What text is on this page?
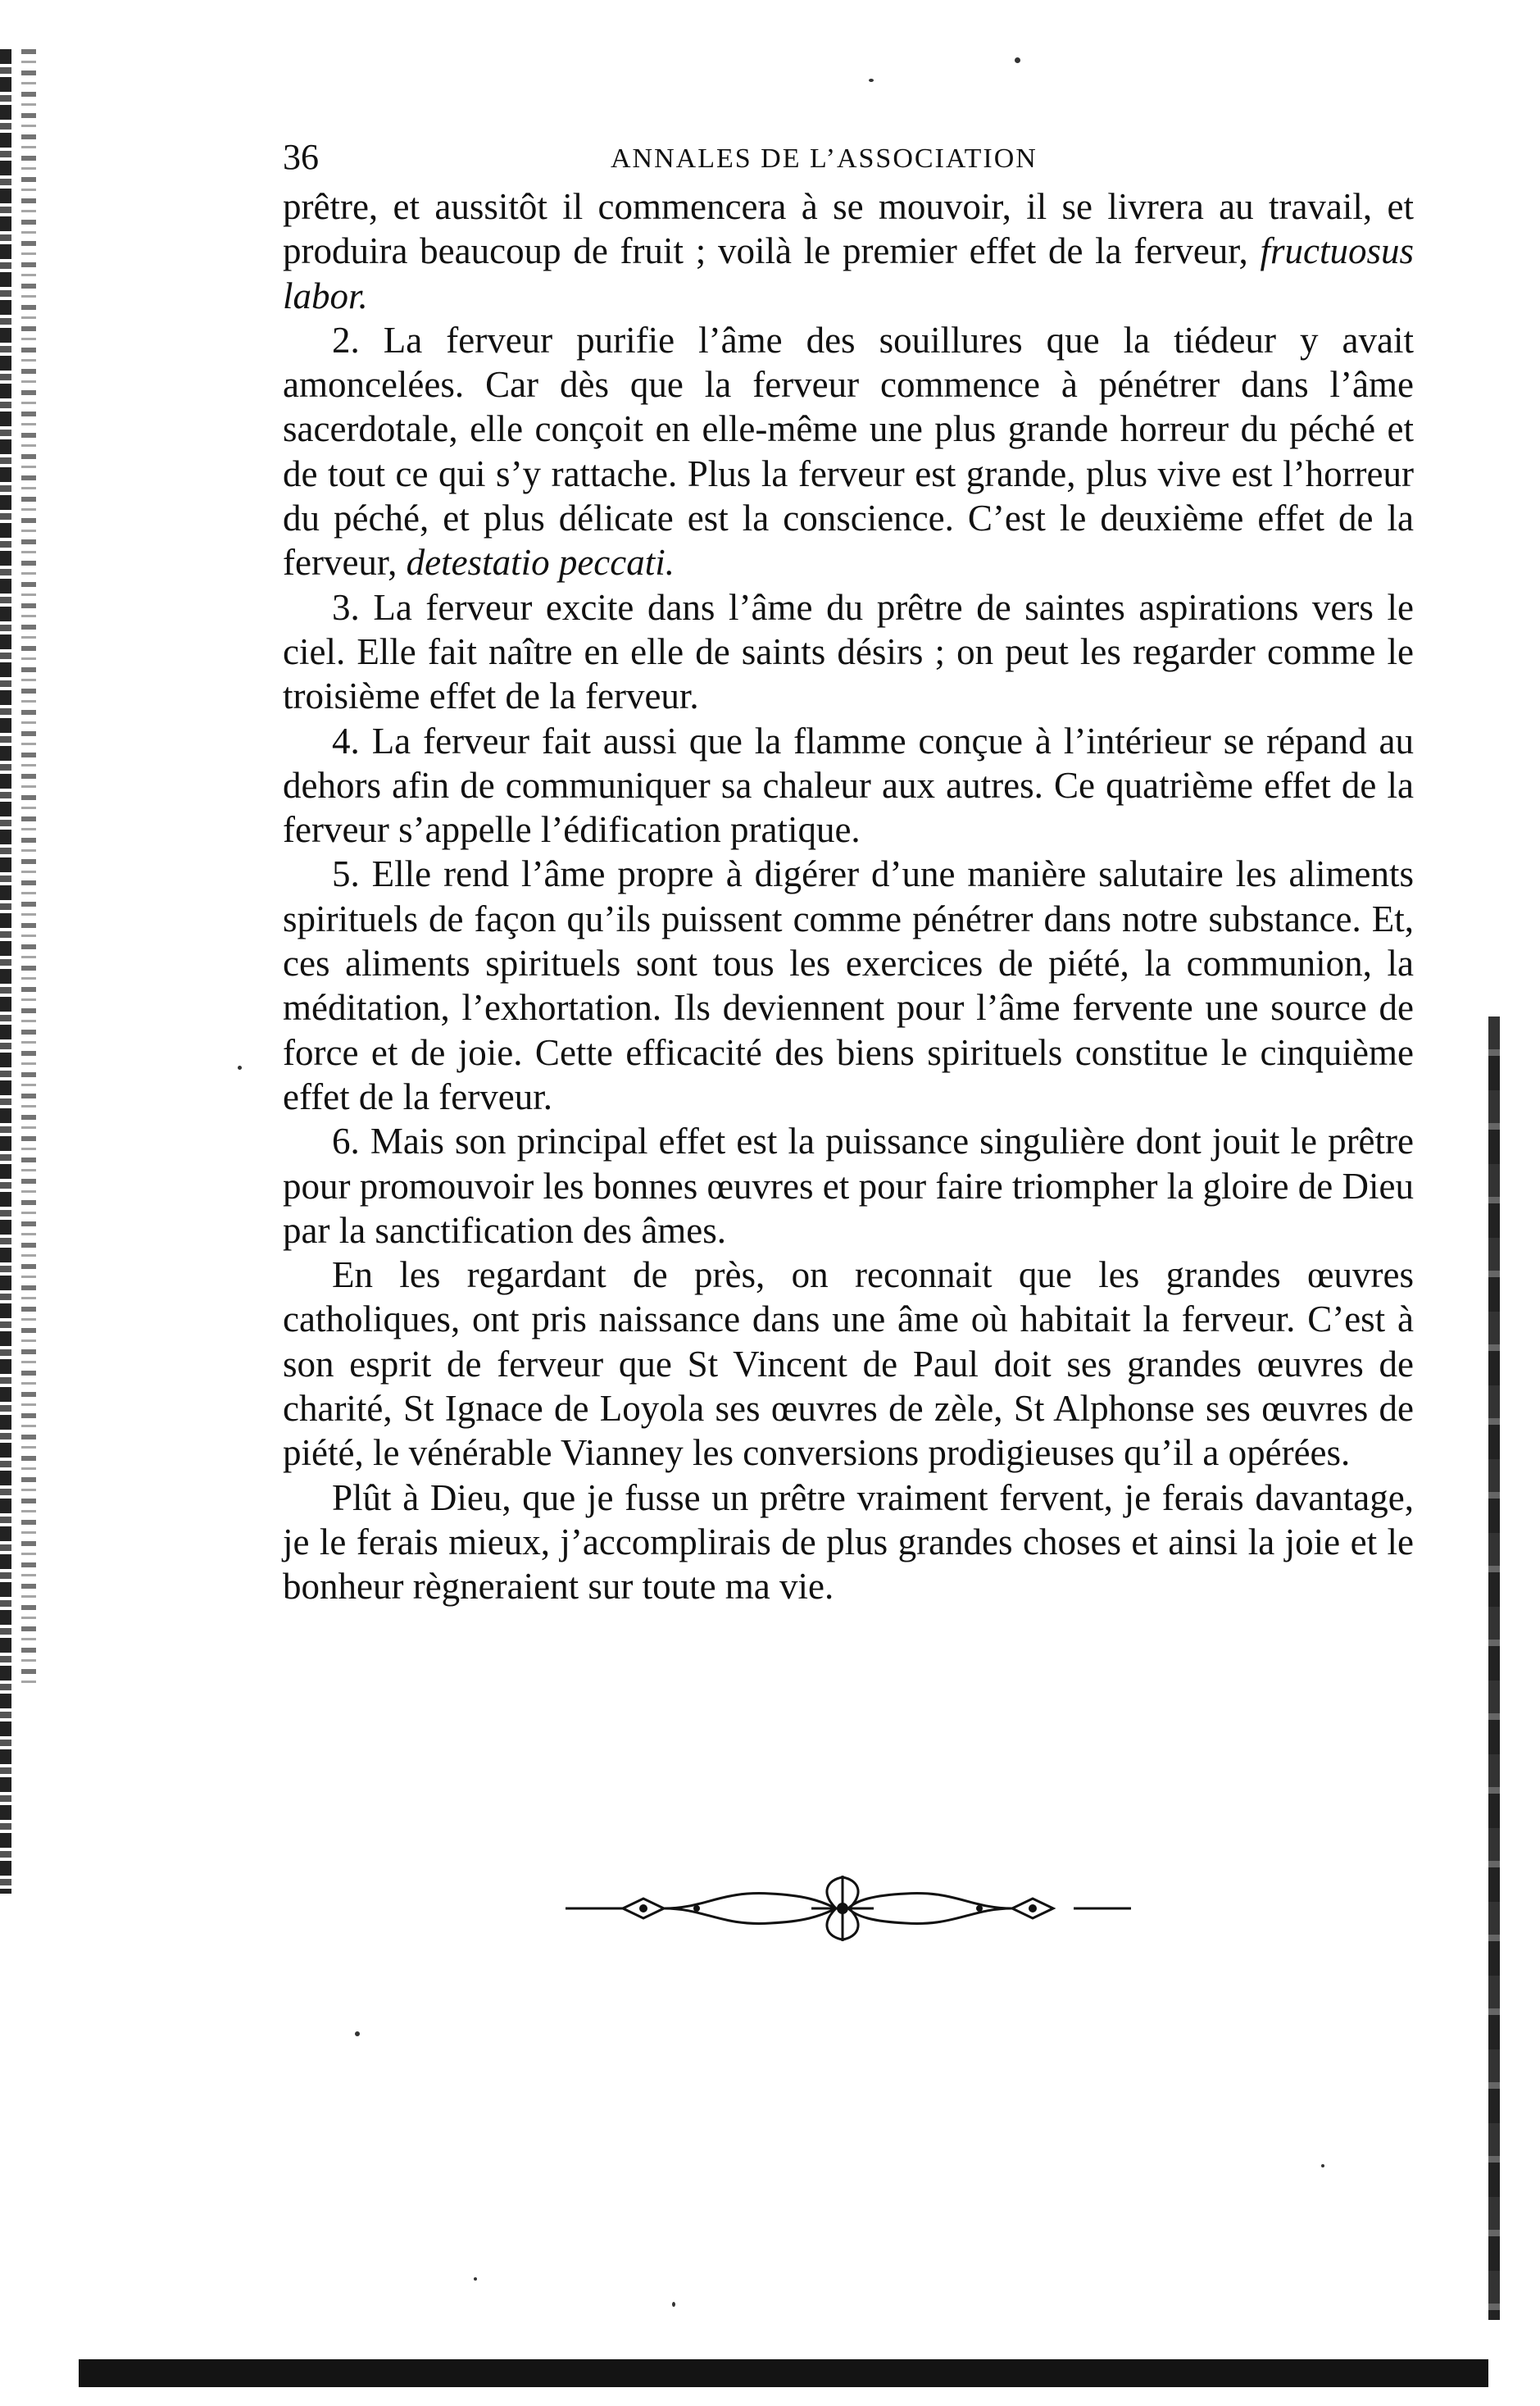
36	ANNALES DE L’ASSOCIATION

prêtre, et aussitôt il commencera à se mouvoir, il se livrera au travail, et produira beaucoup de fruit ; voilà le premier effet de la ferveur, fructuosus labor.

2. La ferveur purifie l’âme des souillures que la tiédeur y avait amoncelées. Car dès que la ferveur commence à pénétrer dans l’âme sacerdotale, elle conçoit en elle-même une plus grande horreur du péché et de tout ce qui s’y rattache. Plus la ferveur est grande, plus vive est l’horreur du péché, et plus délicate est la conscience. C’est le deuxième effet de la ferveur, detestatio peccati.

3. La ferveur excite dans l’âme du prêtre de saintes aspirations vers le ciel. Elle fait naître en elle de saints désirs ; on peut les regarder comme le troisième effet de la ferveur.

4. La ferveur fait aussi que la flamme conçue à l’intérieur se répand au dehors afin de communiquer sa chaleur aux autres. Ce quatrième effet de la ferveur s’appelle l’édification pratique.

5. Elle rend l’âme propre à digérer d’une manière salutaire les aliments spirituels de façon qu’ils puissent comme pénétrer dans notre substance. Et, ces aliments spirituels sont tous les exercices de piété, la communion, la méditation, l’exhortation. Ils deviennent pour l’âme fervente une source de force et de joie. Cette efficacité des biens spirituels constitue le cinquième effet de la ferveur.

6. Mais son principal effet est la puissance singulière dont jouit le prêtre pour promouvoir les bonnes œuvres et pour faire triompher la gloire de Dieu par la sanctification des âmes.

En les regardant de près, on reconnait que les grandes œuvres catholiques, ont pris naissance dans une âme où habitait la ferveur. C’est à son esprit de ferveur que St Vincent de Paul doit ses grandes œuvres de charité, St Ignace de Loyola ses œuvres de zèle, St Alphonse ses œuvres de piété, le vénérable Vianney les conversions prodigieuses qu’il a opérées.

Plût à Dieu, que je fusse un prêtre vraiment fervent, je ferais davantage, je le ferais mieux, j’accomplirais de plus grandes choses et ainsi la joie et le bonheur règneraient sur toute ma vie.
